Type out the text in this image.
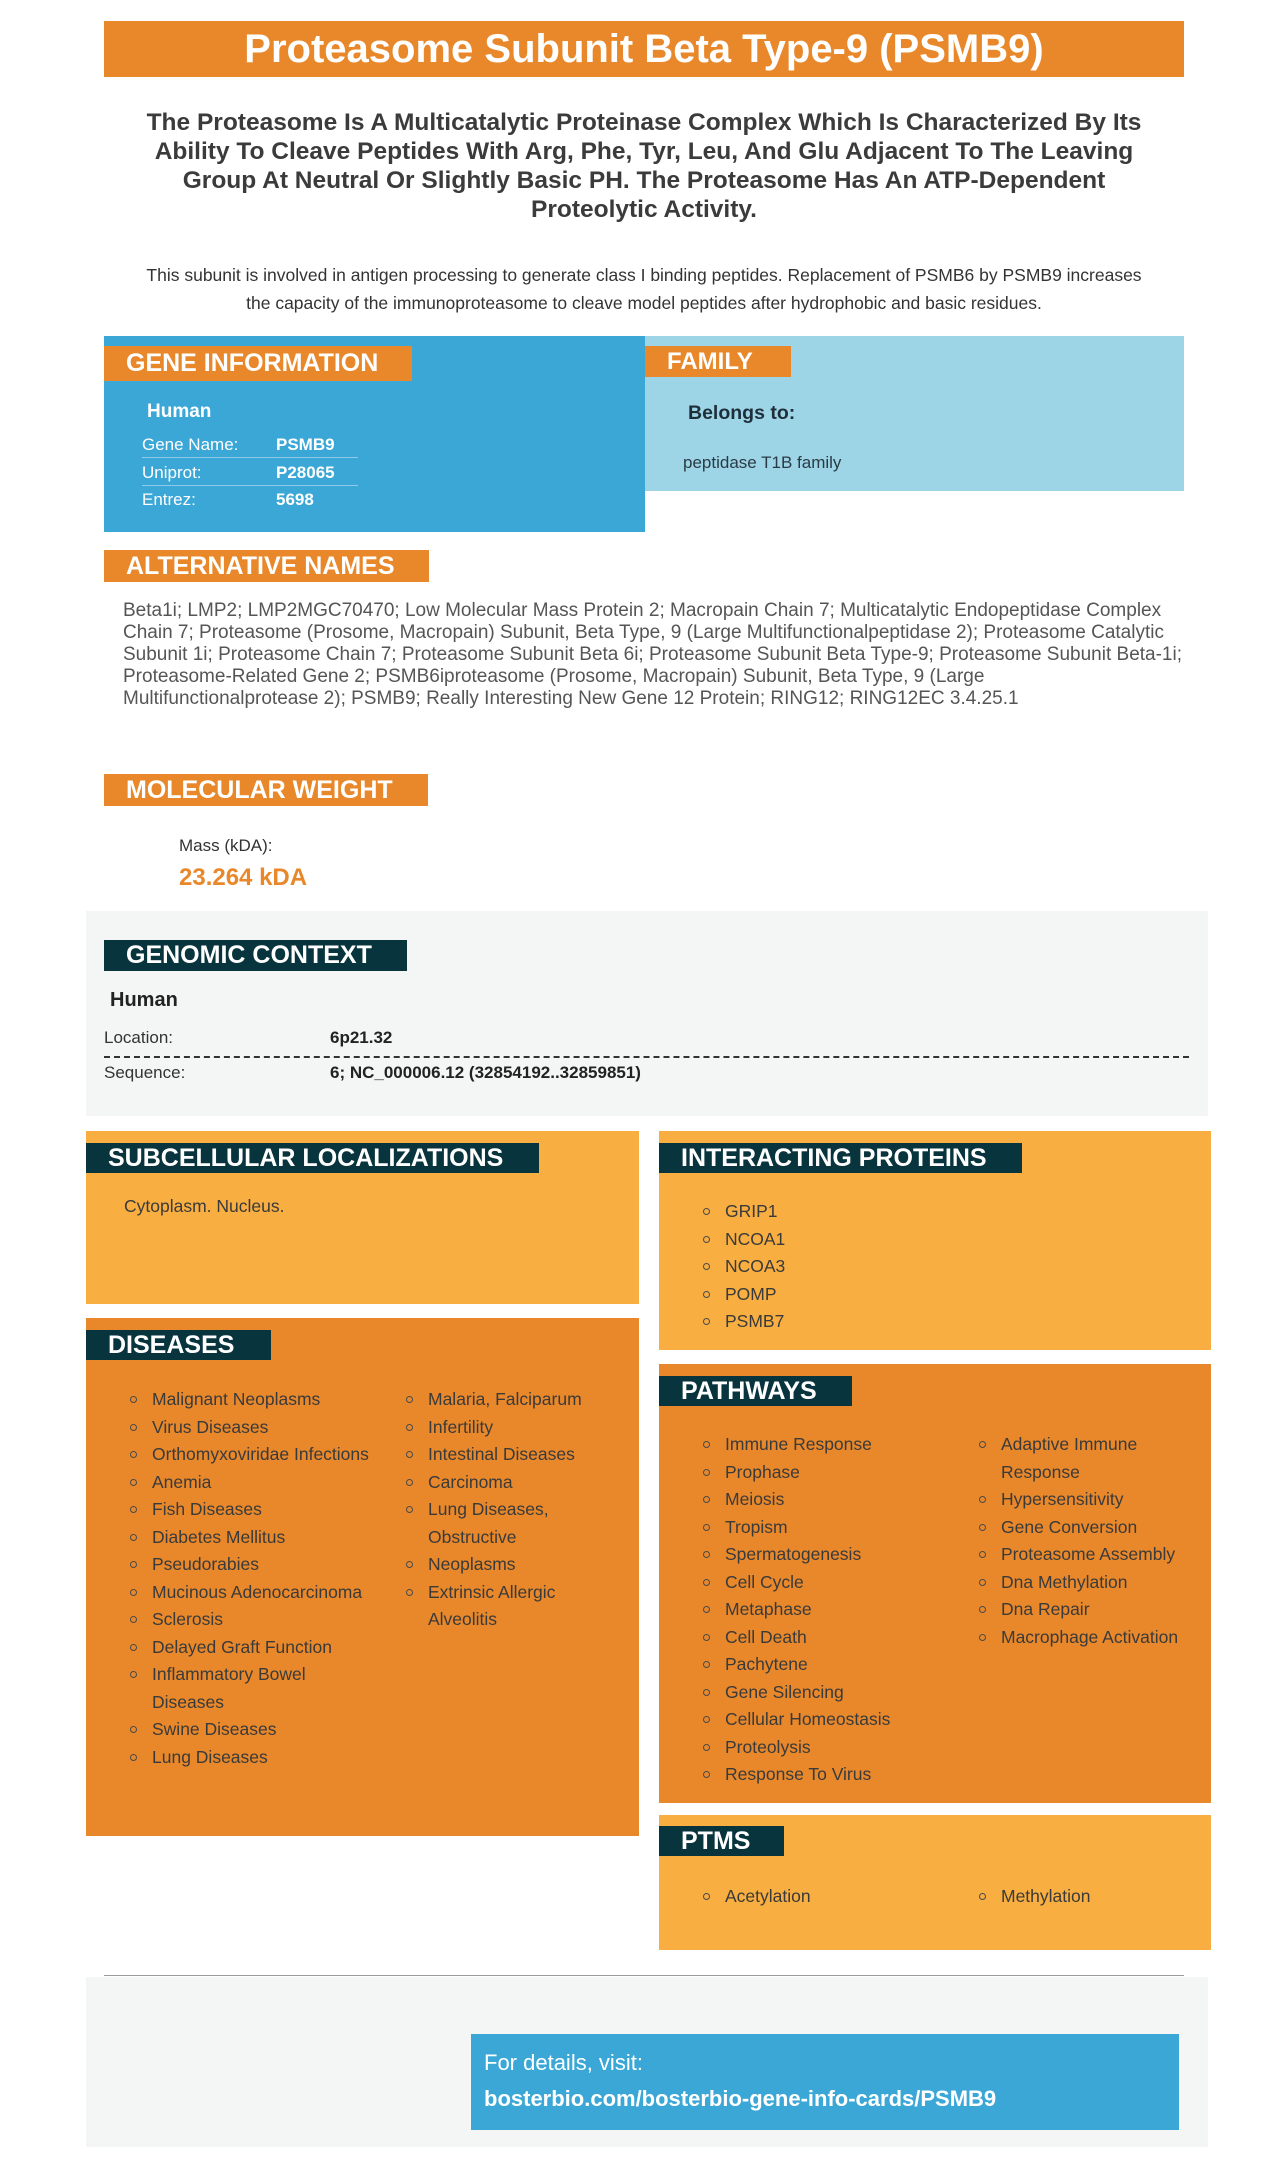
Proteasome Subunit Beta Type-9 (PSMB9)
The Proteasome Is A Multicatalytic Proteinase Complex Which Is Characterized By Its Ability To Cleave Peptides With Arg, Phe, Tyr, Leu, And Glu Adjacent To The Leaving Group At Neutral Or Slightly Basic PH. The Proteasome Has An ATP-Dependent Proteolytic Activity.
This subunit is involved in antigen processing to generate class I binding peptides. Replacement of PSMB6 by PSMB9 increases the capacity of the immunoproteasome to cleave model peptides after hydrophobic and basic residues.
GENE INFORMATION
Human
Gene Name: PSMB9
Uniprot:	P28065
Entrez:	5698
FAMILY
Belongs to:
peptidase T1B family
ALTERNATIVE NAMES
Beta1i; LMP2; LMP2MGC70470; Low Molecular Mass Protein 2; Macropain Chain 7; Multicatalytic Endopeptidase Complex Chain 7; Proteasome (Prosome, Macropain) Subunit, Beta Type, 9 (Large Multifunctionalpeptidase 2); Proteasome Catalytic Subunit 1i; Proteasome Chain 7; Proteasome Subunit Beta 6i; Proteasome Subunit Beta Type-9; Proteasome Subunit Beta-1i; Proteasome-Related Gene 2; PSMB6iproteasome (Prosome, Macropain) Subunit, Beta Type, 9 (Large Multifunctionalprotease 2); PSMB9; Really Interesting New Gene 12 Protein; RING12; RING12EC 3.4.25.1
MOLECULAR WEIGHT
Mass (kDA):
23.264 kDA
GENOMIC CONTEXT
Human
Location:	6p21.32
Sequence:	6; NC_000006.12 (32854192..32859851)
SUBCELLULAR LOCALIZATIONS
Cytoplasm. Nucleus.
DISEASES
Malignant Neoplasms
Virus Diseases
Orthomyxoviridae Infections
Anemia
Fish Diseases
Diabetes Mellitus
Pseudorabies
Mucinous Adenocarcinoma
Sclerosis
Delayed Graft Function
Inflammatory Bowel Diseases
Swine Diseases
Lung Diseases
Malaria, Falciparum
Infertility
Intestinal Diseases
Carcinoma
Lung Diseases, Obstructive
Neoplasms
Extrinsic Allergic Alveolitis
INTERACTING PROTEINS
GRIP1
NCOA1
NCOA3
POMP
PSMB7
PATHWAYS
Immune Response
Prophase
Meiosis
Tropism
Spermatogenesis
Cell Cycle
Metaphase
Cell Death
Pachytene
Gene Silencing
Cellular Homeostasis
Proteolysis
Response To Virus
Adaptive Immune Response
Hypersensitivity
Gene Conversion
Proteasome Assembly
Dna Methylation
Dna Repair
Macrophage Activation
PTMS
Acetylation	Methylation
For details, visit:
bosterbio.com/bosterbio-gene-info-cards/PSMB9
